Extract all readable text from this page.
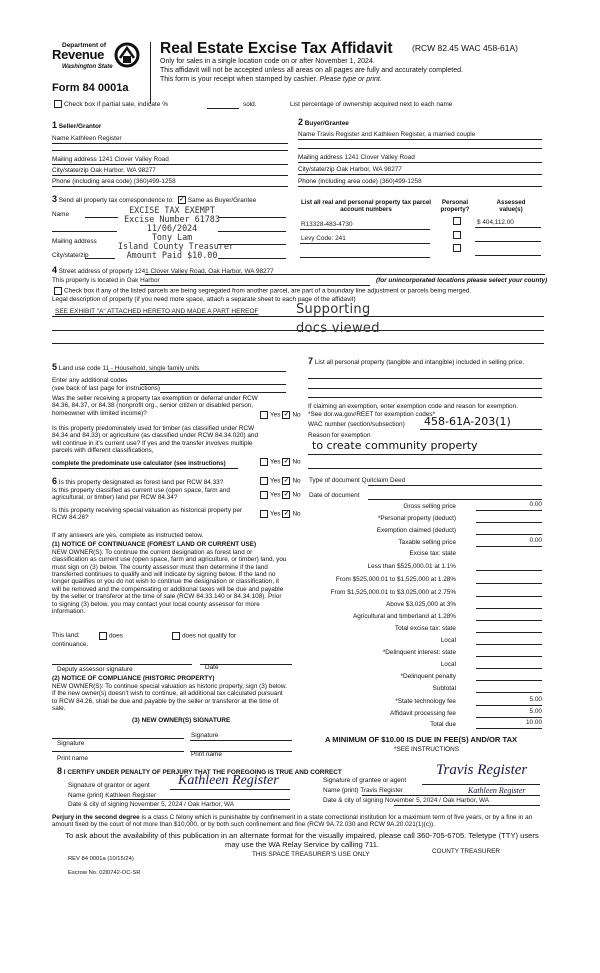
Department of
Revenue
Washington State
Form 84 0001a
Real Estate Excise Tax Affidavit (RCW 82.45 WAC 458-61A)
Only for sales in a single location code on or after November 1, 2024.
This affidavit will not be accepted unless all areas on all pages are fully and accurately completed.
This form is your receipt when stamped by cashier. Please type or print.
Check box if partial sale, indicate %	sold.	List percentage of ownership acquired next to each name
1 Seller/Grantor
Name Kathleen Register
Mailing address 1241 Clover Valley Road
City/state/zip Oak Harbor, WA 98277
Phone (including area code) (360)499-1258
2 Buyer/Grantee
Name Travis Register and Kathleen Register, a married couple
Mailing address 1241 Clover Valley Road
City/state/zip Oak Harbor, WA 98277
Phone (including area code) (360)499-1258
3 Send all property tax correspondence to: ✓ Same as Buyer/Grantee
Name
Mailing address
City/state/zip
EXCISE TAX EXEMPT
Excise Number 61783
11/06/2024
Tony Lam
Island County Treasurer
Amount Paid $10.00
List all real and personal property tax parcel account numbers
Personal property?
Assessed value(s)
R13328-483-4730	$ 404,112.00
Levy Code: 241
4 Street address of property 1241 Clover Valley Road, Oak Harbor, WA 98277
This property is located in Oak Harbor	(for unincorporated locations please select your county)
Check box if any of the listed parcels are being segregated from another parcel, are part of a boundary line adjustment or parcels being merged.
Legal description of property (if you need more space, attach a separate sheet to each page of the affidavit)
SEE EXHIBIT "A" ATTACHED HERETO AND MADE A PART HEREOF	Supporting
docs viewed
5 Land use code 11 - Household, single family units
Enter any additional codes
(see back of last page for instructions)
Was the seller receiving a property tax exemption or deferral under RCW 84.36, 84.37, or 84.38 (nonprofit org., senior citizen or disabled person, homeowner with limited income)?	Yes ✓ No
Is this property predominately used for timber (as classified under RCW 84.34 and 84.33) or agriculture (as classified under RCW 84.34.020) and will continue in it's current use? If yes and the transfer involves multiple parcels with different classifications,
complete the predominate use calculator (see instructions)	Yes ✓ No
6 Is this property designated as forest land per RCW 84.33?	Yes ✓ No
Is this property classified as current use (open space, farm and agricultural, or timber) land per RCW 84.34?	Yes ✓ No
Is this property receiving special valuation as historical property per RCW 84.26?
Yes ✓ No
If any answers are yes, complete as instructed below.
(1) NOTICE OF CONTINUANCE (FOREST LAND OR CURRENT USE)
NEW OWNER(S): To continue the current designation as forest land or classification as current use (open space, farm and agriculture, or timber) land, you must sign on (3) below. The county assessor must then determine if the land transferred continues to qualify and will indicate by signing below. If the land no longer qualifies or you do not wish to continue the designation or classification, it will be removed and the compensating or additional taxes will be due and payable by the seller or transferor at the time of sale (RCW 84.33.140 or 84.34.108). Prior to signing (3) below, you may contact your local county assessor for more information.
This land:	does	does not qualify for
continuance.
Deputy assessor signature	Date
(2) NOTICE OF COMPLIANCE (HISTORIC PROPERTY)
NEW OWNER(S): To continue special valuation as historic property, sign (3) below. If the new owner(s) doesn't wish to continue, all additional tax calculated pursuant to RCW 84.26, shall be due and payable by the seller or transferor at the time of sale.
(3) NEW OWNER(S) SIGNATURE
Signature
Signature
Print name
Print name
7 List all personal property (tangible and intangible) included in selling price.
If claiming an exemption, enter exemption code and reason for exemption.
*See dor.wa.gov/REET for exemption codes*
WAC number (section/subsection) 458-61A-203(1)
Reason for exemption
to create community property
Type of document Quitclaim Deed
Date of document
Gross selling price	0.00
*Personal property (deduct)
Exemption claimed (deduct)
Taxable selling price	0.00
Excise tax: state
Less than $525,000.01 at 1.1%
From $525,000.01 to $1,525,000 at 1.28%
From $1,525,000.01 to $3,025,000 at 2.75%
Above $3,025,000 at 3%
Agricultural and timberland at 1.28%
Total excise tax: state
Local
*Delinquent interest: state
Local
*Delinquent penalty
Subtotal
*State technology fee	5.00
Affidavit processing fee	5.00
Total due	10.00
A MINIMUM OF $10.00 IS DUE IN FEE(S) AND/OR TAX
*SEE INSTRUCTIONS
8 I CERTIFY UNDER PENALTY OF PERJURY THAT THE FOREGOING IS TRUE AND CORRECT
Signature of grantor or agent Kathleen Register
Name (print) Kathleen Register
Date & city of signing November 5, 2024 / Oak Harbor, WA
Signature of grantee or agent
Travis Register
Name (print) Travis Register	Kathleen Register
Date & city of signing November 5, 2024 / Oak Harbor, WA
Perjury in the second degree is a class C felony which is punishable by confinement in a state correctional institution for a maximum term of five years, or by a fine in an amount fixed by the court of not more than $10,000, or by both such confinement and fine (RCW 9A.72.030 and RCW 9A.20.021(1)(c)).
To ask about the availability of this publication in an alternate format for the visually impaired, please call 360-705-6705. Teletype (TTY) users may use the WA Relay Service by calling 711.
THIS SPACE TREASURER'S USE ONLY	COUNTY TREASURER
REV 84 0001a (10/15/24)
Escrow No. 02l0742-OC-SR
